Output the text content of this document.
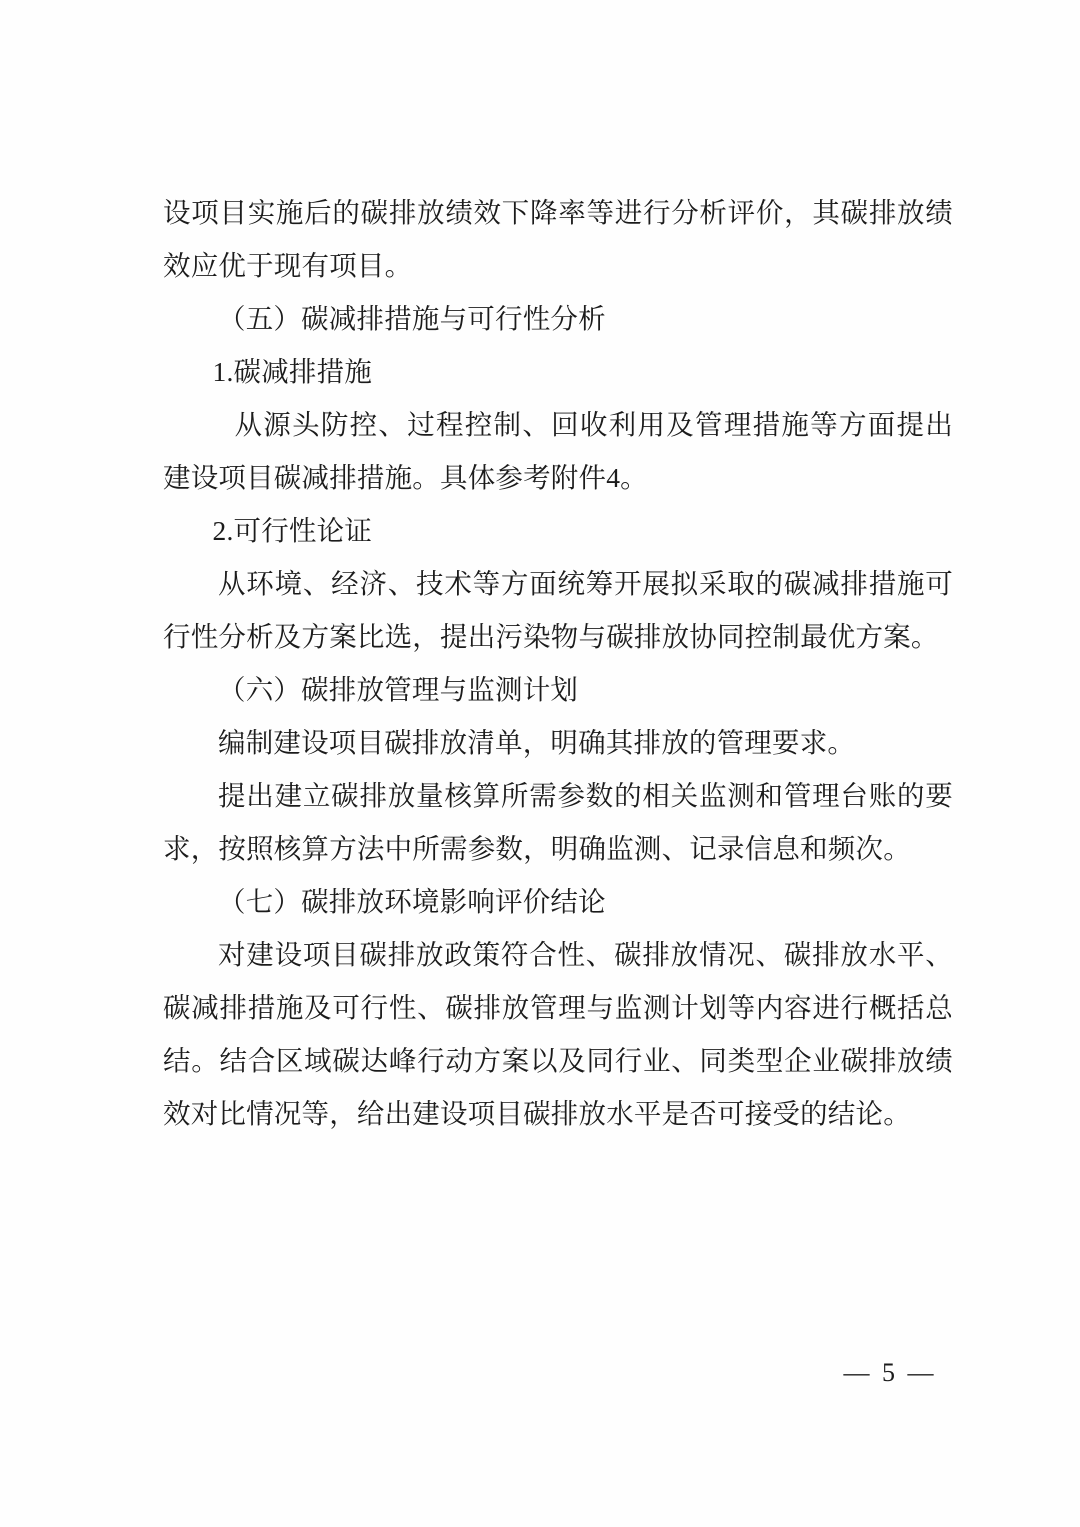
设项目实施后的碳排放绩效下降率等进行分析评价，其碳排放绩效应优于现有项目。

（五）碳减排措施与可行性分析

1.碳减排措施

从源头防控、过程控制、回收利用及管理措施等方面提出建设项目碳减排措施。具体参考附件4。

2.可行性论证

从环境、经济、技术等方面统筹开展拟采取的碳减排措施可行性分析及方案比选，提出污染物与碳排放协同控制最优方案。

（六）碳排放管理与监测计划

编制建设项目碳排放清单，明确其排放的管理要求。

提出建立碳排放量核算所需参数的相关监测和管理台账的要求，按照核算方法中所需参数，明确监测、记录信息和频次。

（七）碳排放环境影响评价结论

对建设项目碳排放政策符合性、碳排放情况、碳排放水平、碳减排措施及可行性、碳排放管理与监测计划等内容进行概括总结。结合区域碳达峰行动方案以及同行业、同类型企业碳排放绩效对比情况等，给出建设项目碳排放水平是否可接受的结论。

— 5 —
